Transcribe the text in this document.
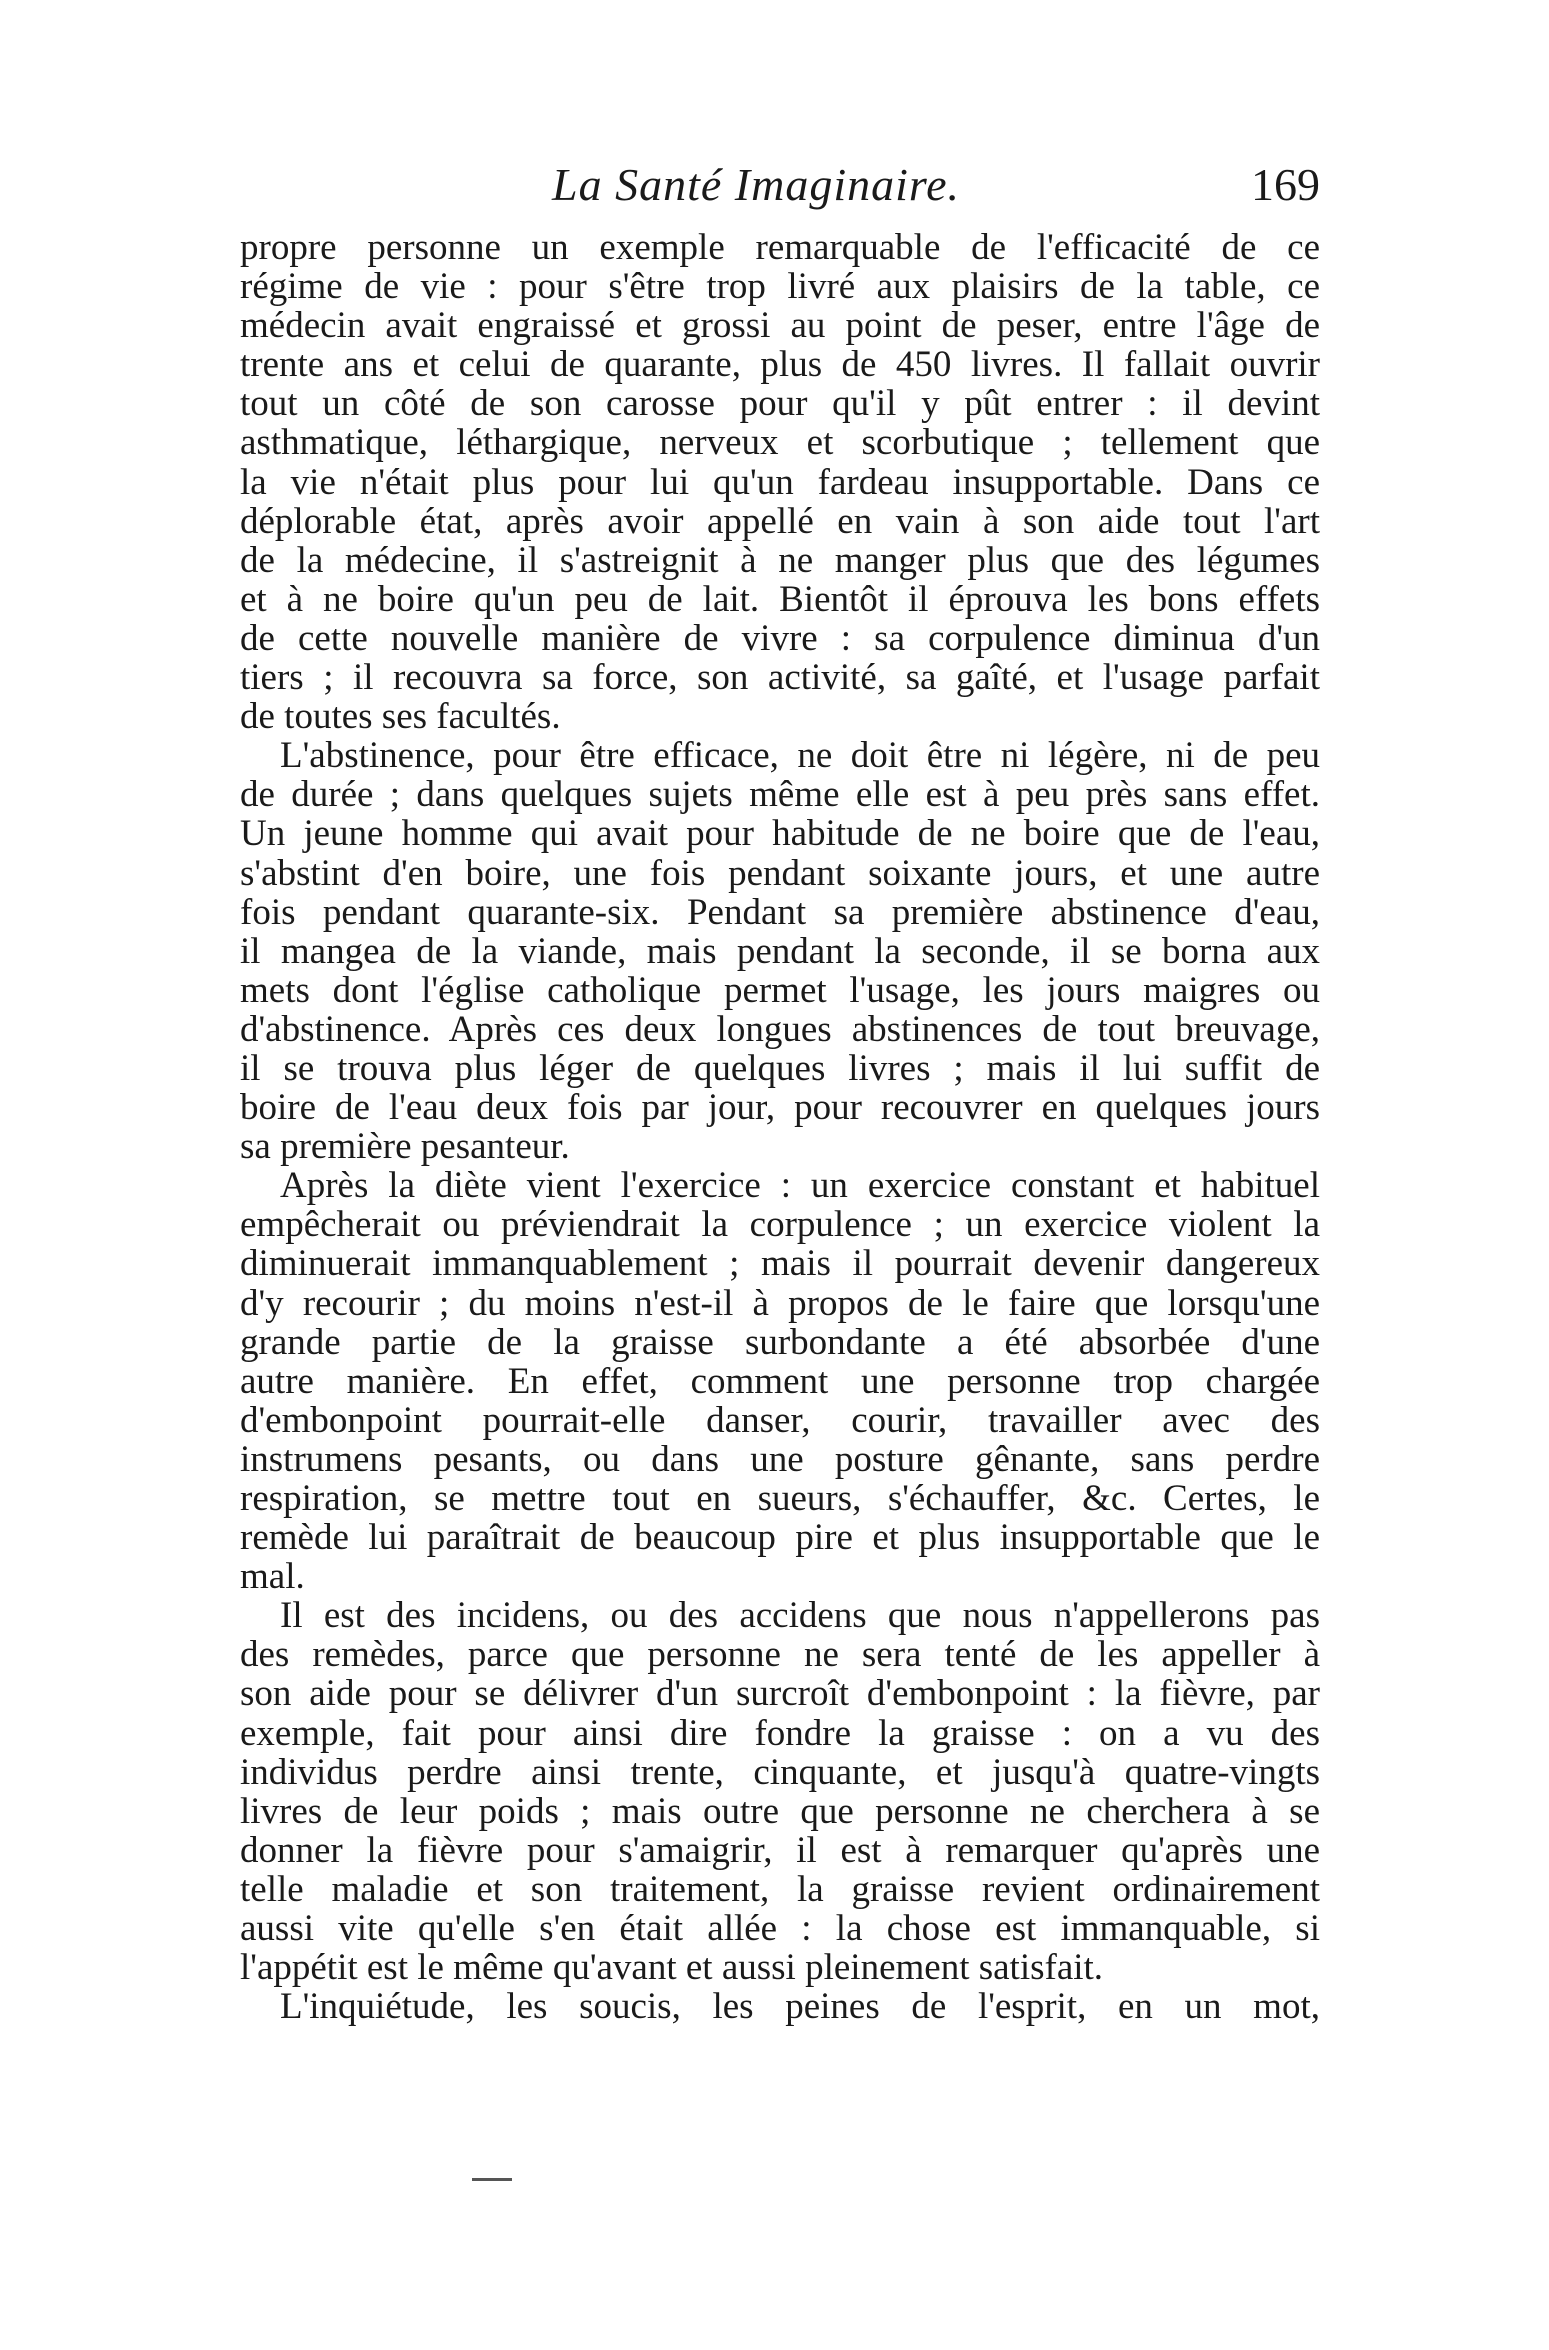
La Santé Imaginaire.	169
propre personne un exemple remarquable de l'efficacité de ce
régime de vie : pour s'être trop livré aux plaisirs de la table, ce
médecin avait engraissé et grossi au point de peser, entre l'âge de
trente ans et celui de quarante, plus de 450 livres. Il fallait ouvrir
tout un côté de son carosse pour qu'il y pût entrer : il devint
asthmatique, léthargique, nerveux et scorbutique ; tellement que
la vie n'était plus pour lui qu'un fardeau insupportable. Dans ce
déplorable état, après avoir appellé en vain à son aide tout l'art
de la médecine, il s'astreignit à ne manger plus que des légumes
et à ne boire qu'un peu de lait. Bientôt il éprouva les bons effets
de cette nouvelle manière de vivre : sa corpulence diminua d'un
tiers ; il recouvra sa force, son activité, sa gaîté, et l'usage parfait
de toutes ses facultés.
L'abstinence, pour être efficace, ne doit être ni légère, ni de peu
de durée ; dans quelques sujets même elle est à peu près sans effet.
Un jeune homme qui avait pour habitude de ne boire que de l'eau,
s'abstint d'en boire, une fois pendant soixante jours, et une autre
fois pendant quarante-six. Pendant sa première abstinence d'eau,
il mangea de la viande, mais pendant la seconde, il se borna aux
mets dont l'église catholique permet l'usage, les jours maigres ou
d'abstinence. Après ces deux longues abstinences de tout breuvage,
il se trouva plus léger de quelques livres ; mais il lui suffit de
boire de l'eau deux fois par jour, pour recouvrer en quelques jours
sa première pesanteur.
Après la diète vient l'exercice : un exercice constant et habituel
empêcherait ou préviendrait la corpulence ; un exercice violent la
diminuerait immanquablement ; mais il pourrait devenir dangereux
d'y recourir ; du moins n'est-il à propos de le faire que lorsqu'une
grande partie de la graisse surbondante a été absorbée d'une
autre manière. En effet, comment une personne trop chargée
d'embonpoint pourrait-elle danser, courir, travailler avec des
instrumens pesants, ou dans une posture gênante, sans perdre
respiration, se mettre tout en sueurs, s'échauffer, &c. Certes, le
remède lui paraîtrait de beaucoup pire et plus insupportable que le
mal.
Il est des incidens, ou des accidens que nous n'appellerons pas
des remèdes, parce que personne ne sera tenté de les appeller à
son aide pour se délivrer d'un surcroît d'embonpoint : la fièvre, par
exemple, fait pour ainsi dire fondre la graisse : on a vu des
individus perdre ainsi trente, cinquante, et jusqu'à quatre-vingts
livres de leur poids ; mais outre que personne ne cherchera à se
donner la fièvre pour s'amaigrir, il est à remarquer qu'après une
telle maladie et son traitement, la graisse revient ordinairement
aussi vite qu'elle s'en était allée : la chose est immanquable, si
l'appétit est le même qu'avant et aussi pleinement satisfait.
L'inquiétude, les soucis, les peines de l'esprit, en un mot,
